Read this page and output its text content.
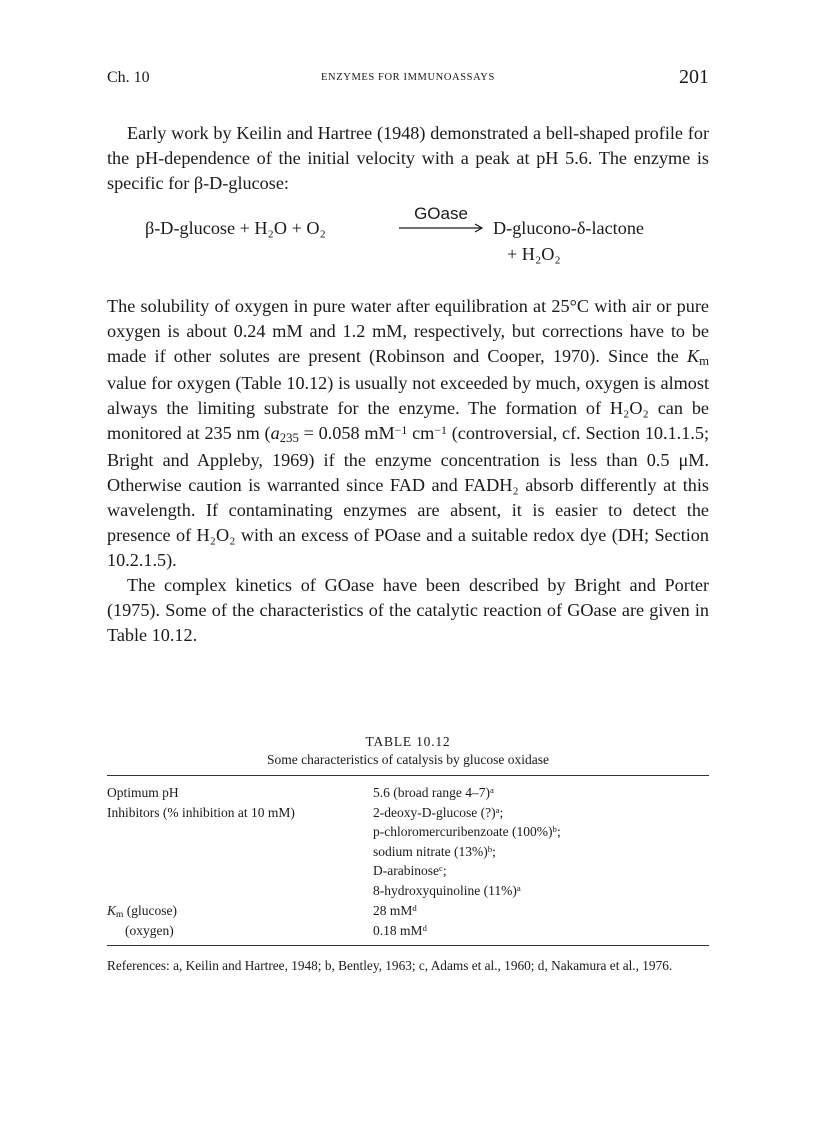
Ch. 10	ENZYMES FOR IMMUNOASSAYS	201

Early work by Keilin and Hartree (1948) demonstrated a bell-shaped profile for the pH-dependence of the initial velocity with a peak at pH 5.6. The enzyme is specific for β-D-glucose:

β-D-glucose + H₂O + O₂
GOase
D-glucono-δ-lactone
+ H₂O₂

The solubility of oxygen in pure water after equilibration at 25°C with air or pure oxygen is about 0.24 mM and 1.2 mM, respectively, but corrections have to be made if other solutes are present (Robinson and Cooper, 1970). Since the Km value for oxygen (Table 10.12) is usually not exceeded by much, oxygen is almost always the limiting substrate for the enzyme. The formation of H₂O₂ can be monitored at 235 nm (a235 = 0.058 $mM^{-1}$ $cm^{-1}$ (controversial, cf. Section 10.1.1.5; Bright and Appleby, 1969) if the enzyme concentration is less than 0.5 μM. Otherwise caution is warranted since FAD and FADH₂ absorb differently at this wavelength. If contaminating enzymes are absent, it is easier to detect the presence of H₂O₂ with an excess of POase and a suitable redox dye (DH; Section 10.2.1.5).

The complex kinetics of GOase have been described by Bright and Porter (1975). Some of the characteristics of the catalytic reaction of GOase are given in Table 10.12.

TABLE 10.12
Some characteristics of catalysis by glucose oxidase
Optimum pH	5.6 (broad range 4–7)$^a$
Inhibitors (% inhibition at 10 mM)	2-deoxy-D-glucose (?)$^a$;
	p-chloromercuribenzoate $(100\%)^b$;
	sodium nitrate $(13\%)^b$;
	D-arabinose$^c$;
	8-hydroxyquinoline $(11\%)^a$
Km (glucose)	28 $mM^d$
(oxygen)	0.18 $mM^d$
References: a, Keilin and Hartree, 1948; b, Bentley, 1963; c, Adams et al., 1960; d, Nakamura et al., 1976.
